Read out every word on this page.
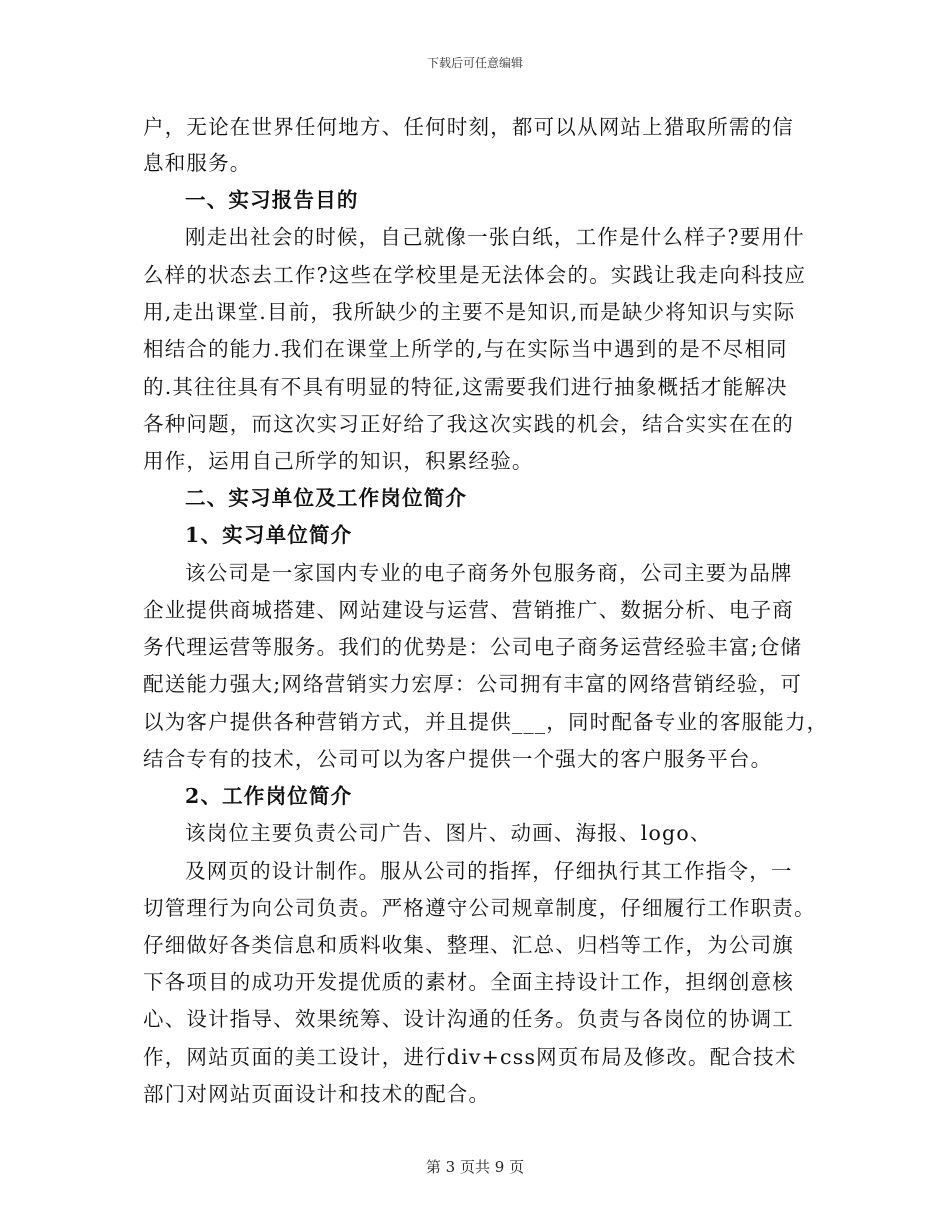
下载后可任意编辑
户，无论在世界任何地方、任何时刻，都可以从网站上猎取所需的信
息和服务。
一、实习报告目的
刚走出社会的时候，自己就像一张白纸，工作是什么样子?要用什
么样的状态去工作?这些在学校里是无法体会的。实践让我走向科技应
用,走出课堂.目前，我所缺少的主要不是知识,而是缺少将知识与实际
相结合的能力.我们在课堂上所学的,与在实际当中遇到的是不尽相同
的.其往往具有不具有明显的特征,这需要我们进行抽象概括才能解决
各种问题，而这次实习正好给了我这次实践的机会，结合实实在在的
用作，运用自己所学的知识，积累经验。
二、实习单位及工作岗位简介
1、实习单位简介
该公司是一家国内专业的电子商务外包服务商，公司主要为品牌
企业提供商城搭建、网站建设与运营、营销推广、数据分析、电子商
务代理运营等服务。我们的优势是：公司电子商务运营经验丰富;仓储
配送能力强大;网络营销实力宏厚：公司拥有丰富的网络营销经验，可
以为客户提供各种营销方式，并且提供___，同时配备专业的客服能力，
结合专有的技术，公司可以为客户提供一个强大的客户服务平台。
2、工作岗位简介
该岗位主要负责公司广告、图片、动画、海报、logo、
及网页的设计制作。服从公司的指挥，仔细执行其工作指令，一
切管理行为向公司负责。严格遵守公司规章制度，仔细履行工作职责。
仔细做好各类信息和质料收集、整理、汇总、归档等工作，为公司旗
下各项目的成功开发提优质的素材。全面主持设计工作，担纲创意核
心、设计指导、效果统筹、设计沟通的任务。负责与各岗位的协调工
作，网站页面的美工设计，进行div+css网页布局及修改。配合技术
部门对网站页面设计和技术的配合。
第 3 页共 9 页
